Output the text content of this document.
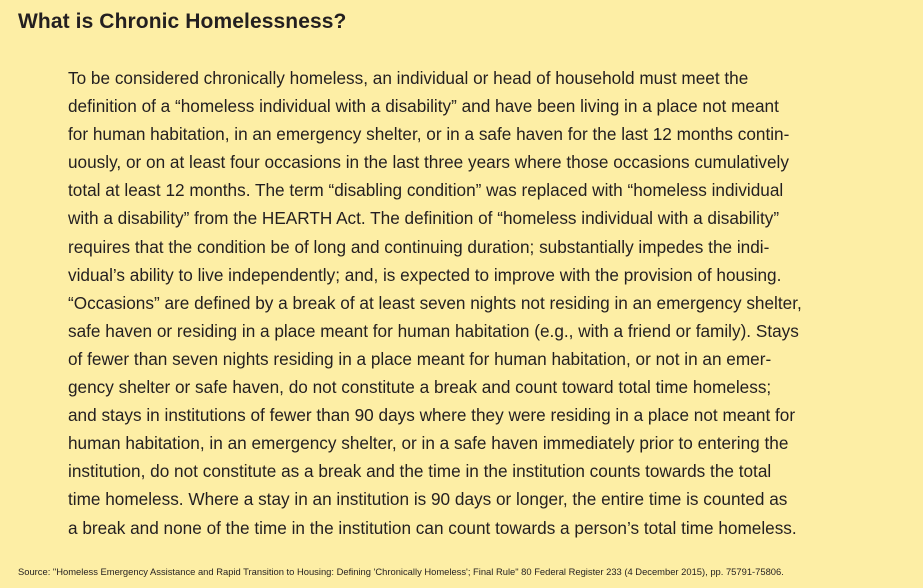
What is Chronic Homelessness?
To be considered chronically homeless, an individual or head of household must meet the
definition of a “homeless individual with a disability” and have been living in a place not meant
for human habitation, in an emergency shelter, or in a safe haven for the last 12 months contin-
uously, or on at least four occasions in the last three years where those occasions cumulatively
total at least 12 months. The term “disabling condition” was replaced with “homeless individual
with a disability” from the HEARTH Act. The definition of “homeless individual with a disability”
requires that the condition be of long and continuing duration; substantially impedes the indi-
vidual’s ability to live independently; and, is expected to improve with the provision of housing.
“Occasions” are defined by a break of at least seven nights not residing in an emergency shelter,
safe haven or residing in a place meant for human habitation (e.g., with a friend or family). Stays
of fewer than seven nights residing in a place meant for human habitation, or not in an emer-
gency shelter or safe haven, do not constitute a break and count toward total time homeless;
and stays in institutions of fewer than 90 days where they were residing in a place not meant for
human habitation, in an emergency shelter, or in a safe haven immediately prior to entering the
institution, do not constitute as a break and the time in the institution counts towards the total
time homeless. Where a stay in an institution is 90 days or longer, the entire time is counted as
a break and none of the time in the institution can count towards a person’s total time homeless.

Source: "Homeless Emergency Assistance and Rapid Transition to Housing: Defining 'Chronically Homeless'; Final Rule" 80 Federal Register 233 (4 December 2015), pp. 75791-75806.
